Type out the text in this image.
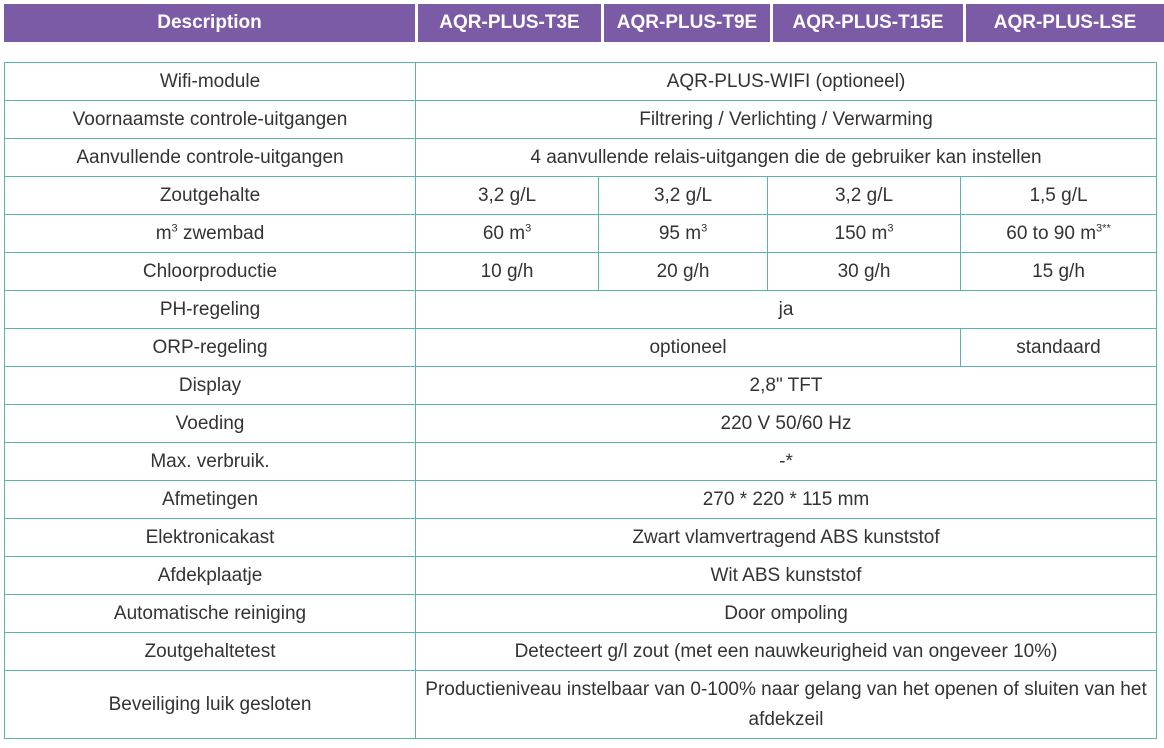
Description	AQR-PLUS-T3E	AQR-PLUS-T9E	AQR-PLUS-T15E	AQR-PLUS-LSE
Wifi-module	AQR-PLUS-WIFI (optioneel)			
Voornaamste controle-uitgangen	Filtrering / Verlichting / Verwarming			
Aanvullende controle-uitgangen	4 aanvullende relais-uitgangen die de gebruiker kan instellen			
Zoutgehalte	3,2 g/L	3,2 g/L	3,2 g/L	1,5 g/L
$m^3$ zwembad	60 $m^3$	95 $m^3$	150 $m^3$	60 to 90 $m^{3**}$
Chloorproductie	10 g/h	20 g/h	30 g/h	15 g/h
PH-regeling	ja			
ORP-regeling	optioneel			standaard
Display	2,8" TFT			
Voeding	220 V 50/60 Hz			
Max. verbruik.	-*			
Afmetingen	270 * 220 * 115 mm			
Elektronicakast	Zwart vlamvertragend ABS kunststof			
Afdekplaatje	Wit ABS kunststof			
Automatische reiniging	Door ompoling			
Zoutgehaltetest	Detecteert g/l zout (met een nauwkeurigheid van ongeveer 10%)			
Beveiliging luik gesloten	Productieniveau instelbaar van 0-100% naar gelang van het openen of sluiten van het afdekzeil			
